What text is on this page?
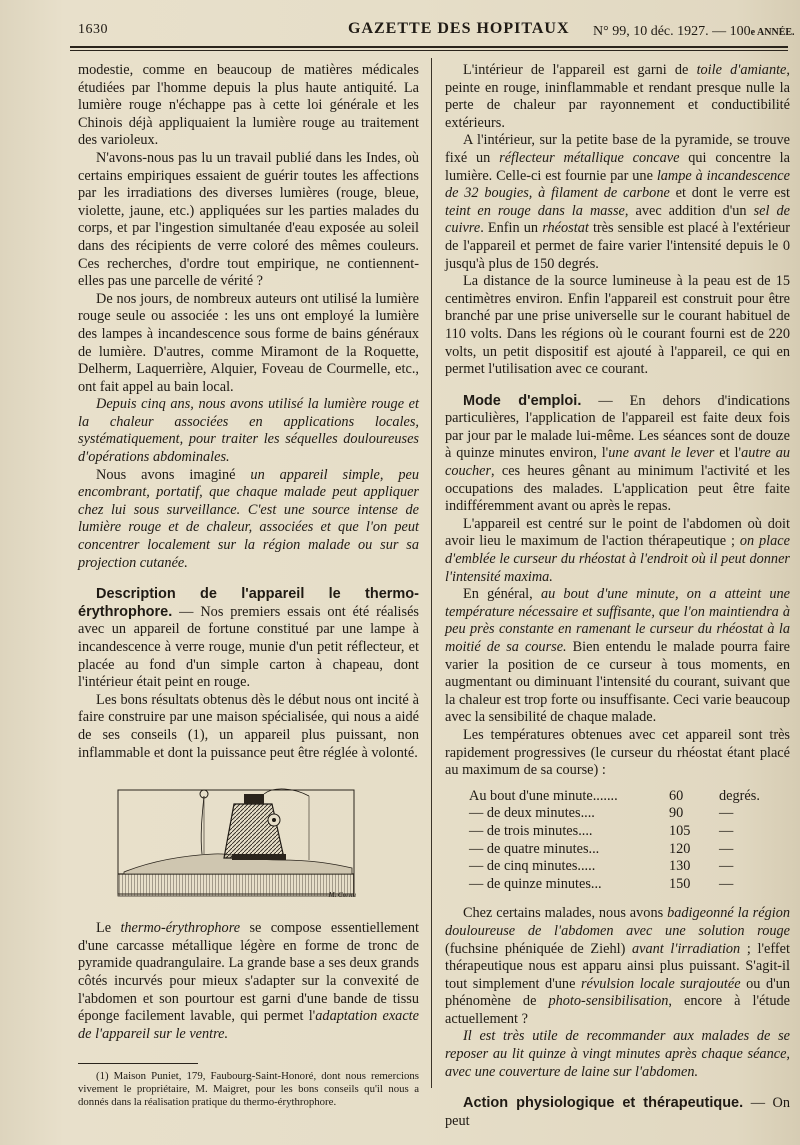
1630	GAZETTE DES HOPITAUX N° 99, 10 déc. 1927. — 100e ANNÉE.

modestie, comme en beaucoup de matières médicales étudiées par l'homme depuis la plus haute antiquité. La lumière rouge n'échappe pas à cette loi générale et les Chinois déjà appliquaient la lumière rouge au traitement des varioleux.

N'avons-nous pas lu un travail publié dans les Indes, où certains empiriques essaient de guérir toutes les affections par les irradiations des diverses lumières (rouge, bleue, violette, jaune, etc.) appliquées sur les parties malades du corps, et par l'ingestion simultanée d'eau exposée au soleil dans des récipients de verre coloré des mêmes couleurs. Ces recherches, d'ordre tout empirique, ne contiennent-elles pas une parcelle de vérité ?

De nos jours, de nombreux auteurs ont utilisé la lumière rouge seule ou associée : les uns ont employé la lumière des lampes à incandescence sous forme de bains généraux de lumière. D'autres, comme Miramont de la Roquette, Delherm, Laquerrière, Alquier, Foveau de Courmelle, etc., ont fait appel au bain local.

Depuis cinq ans, nous avons utilisé la lumière rouge et la chaleur associées en applications locales, systématiquement, pour traiter les séquelles douloureuses d'opérations abdominales.

Nous avons imaginé un appareil simple, peu encombrant, portatif, que chaque malade peut appliquer chez lui sous surveillance. C'est une source intense de lumière rouge et de chaleur, associées et que l'on peut concentrer localement sur la région malade ou sur sa projection cutanée.

Description de l'appareil le thermo-érythrophore. — Nos premiers essais ont été réalisés avec un appareil de fortune constitué par une lampe à incandescence à verre rouge, munie d'un petit réflecteur, et placée au fond d'un simple carton à chapeau, dont l'intérieur était peint en rouge.

Les bons résultats obtenus dès le début nous ont incité à faire construire par une maison spécialisée, qui nous a aidé de ses conseils (1), un appareil plus puissant, non inflammable et dont la puissance peut être réglée à volonté.

M. Cornu

Le thermo-érythrophore se compose essentiellement d'une carcasse métallique légère en forme de tronc de pyramide quadrangulaire. La grande base a ses deux grands côtés incurvés pour mieux s'adapter sur la convexité de l'abdomen et son pourtour est garni d'une bande de tissu éponge facilement lavable, qui permet l'adaptation exacte de l'appareil sur le ventre.

(1) Maison Puniet, 179, Faubourg-Saint-Honoré, dont nous remercions vivement le propriétaire, M. Maigret, pour les bons conseils qu'il nous a donnés dans la réalisation pratique du thermo-érythrophore.

L'intérieur de l'appareil est garni de toile d'amiante, peinte en rouge, ininflammable et rendant presque nulle la perte de chaleur par rayonnement et conductibilité extérieurs.

A l'intérieur, sur la petite base de la pyramide, se trouve fixé un réflecteur métallique concave qui concentre la lumière. Celle-ci est fournie par une lampe à incandescence de 32 bougies, à filament de carbone et dont le verre est teint en rouge dans la masse, avec addition d'un sel de cuivre. Enfin un rhéostat très sensible est placé à l'extérieur de l'appareil et permet de faire varier l'intensité depuis le 0 jusqu'à plus de 150 degrés.

La distance de la source lumineuse à la peau est de 15 centimètres environ. Enfin l'appareil est construit pour être branché par une prise universelle sur le courant habituel de 110 volts. Dans les régions où le courant fourni est de 220 volts, un petit dispositif est ajouté à l'appareil, ce qui en permet l'utilisation avec ce courant.

Mode d'emploi. — En dehors d'indications particulières, l'application de l'appareil est faite deux fois par jour par le malade lui-même. Les séances sont de douze à quinze minutes environ, l'une avant le lever et l'autre au coucher, ces heures gênant au minimum l'activité et les occupations des malades. L'application peut être faite indifféremment avant ou après le repas.

L'appareil est centré sur le point de l'abdomen où doit avoir lieu le maximum de l'action thérapeutique ; on place d'emblée le curseur du rhéostat à l'endroit où il peut donner l'intensité maxima.

En général, au bout d'une minute, on a atteint une température nécessaire et suffisante, que l'on maintiendra à peu près constante en ramenant le curseur du rhéostat à la moitié de sa course. Bien entendu le malade pourra faire varier la position de ce curseur à tous moments, en augmentant ou diminuant l'intensité du courant, suivant que la chaleur est trop forte ou insuffisante. Ceci varie beaucoup avec la sensibilité de chaque malade.

Les températures obtenues avec cet appareil sont très rapidement progressives (le curseur du rhéostat étant placé au maximum de sa course) :

Au bout d'une minute.......	60	degrés.
— de deux minutes....	90	—
— de trois minutes....	105	—
— de quatre minutes...	120	—
— de cinq minutes.....	130	—
— de quinze minutes...	150	—

Chez certains malades, nous avons badigeonné la région douloureuse de l'abdomen avec une solution rouge (fuchsine phéniquée de Ziehl) avant l'irradiation ; l'effet thérapeutique nous est apparu ainsi plus puissant. S'agit-il tout simplement d'une révulsion locale surajoutée ou d'un phénomène de photo-sensibilisation, encore à l'étude actuellement ?

Il est très utile de recommander aux malades de se reposer au lit quinze à vingt minutes après chaque séance, avec une couverture de laine sur l'abdomen.

Action physiologique et thérapeutique. — On peut
